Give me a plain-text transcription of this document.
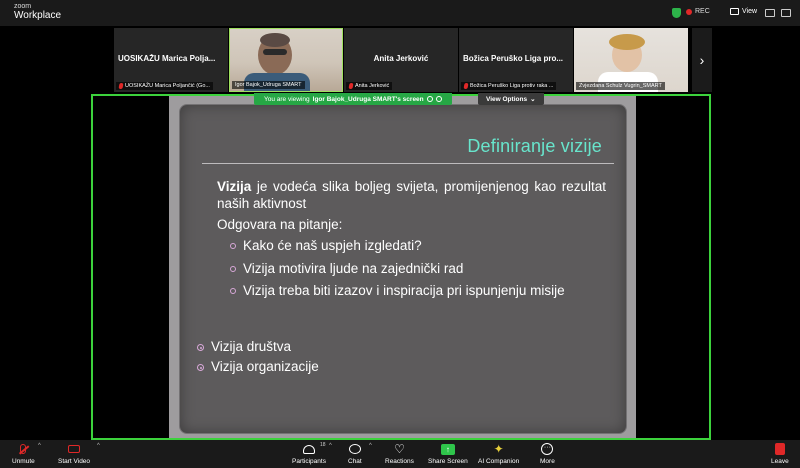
zoom
Workplace	REC	View
UOSIKAŽU Marica Polja...
UOSIKAŽU Marica Poljančić (Go...	Igor Bajok_Udruga SMART
Anita Jerković
Anita Jerković
Božica Peruško Liga pro...
Božica Peruško Liga protiv raka ...	Zvjezdana Schulz Vugrin_SMART
›
Definiranje vizije
Vizija je vodeća slika boljeg svijeta, promijenjenog kao rezultat naših aktivnost
Odgovara na pitanje:
Kako će naš uspjeh izgledati?
Vizija motivira ljude na zajednički rad
Vizija treba biti izazov i inspiracija pri ispunjenju misije
Vizija društva
Vizija organizacije
You are viewing Igor Bajok_Udruga SMART's screen	View Options ⌄
Unmute
^
Start Video
^	18
Participants
^
Chat
^ ♡
Reactions
↑
Share Screen
✦
AI Companion
···
More	Leave
